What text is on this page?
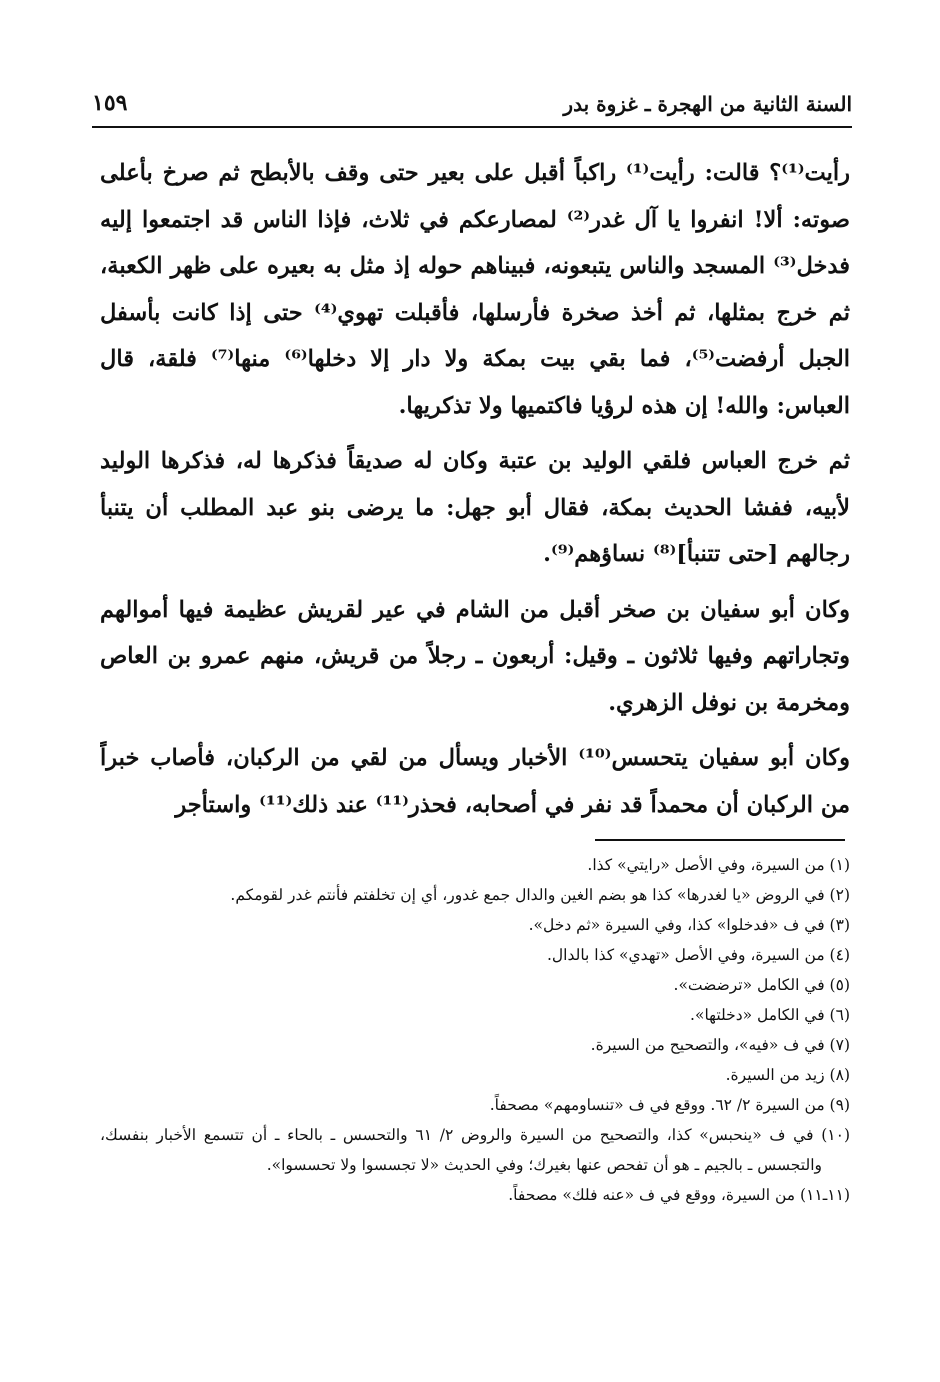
السنة الثانية من الهجرة ـ غزوة بدر
١٥٩

رأيت⁽¹⁾؟ قالت: رأيت⁽¹⁾ راكباً أقبل على بعير حتى وقف بالأبطح ثم صرخ بأعلى صوته: ألا! انفروا يا آل غدر⁽²⁾ لمصارعكم في ثلاث، فإذا الناس قد اجتمعوا إليه فدخل⁽³⁾ المسجد والناس يتبعونه، فبيناهم حوله إذ مثل به بعيره على ظهر الكعبة، ثم خرج بمثلها، ثم أخذ صخرة فأرسلها، فأقبلت تهوي⁽⁴⁾ حتى إذا كانت بأسفل الجبل أرفضت⁽⁵⁾، فما بقي بيت بمكة ولا دار إلا دخلها⁽⁶⁾ منها⁽⁷⁾ فلقة، قال العباس: والله! إن هذه لرؤيا فاكتميها ولا تذكريها.

ثم خرج العباس فلقي الوليد بن عتبة وكان له صديقاً فذكرها له، فذكرها الوليد لأبيه، ففشا الحديث بمكة، فقال أبو جهل: ما يرضى بنو عبد المطلب أن يتنبأ رجالهم [حتى تتنبأ]⁽⁸⁾ نساؤهم⁽⁹⁾.

وكان أبو سفيان بن صخر أقبل من الشام في عير لقريش عظيمة فيها أموالهم وتجاراتهم وفيها ثلاثون ـ وقيل: أربعون ـ رجلاً من قريش، منهم عمرو بن العاص ومخرمة بن نوفل الزهري.

وكان أبو سفيان يتحسس⁽¹⁰⁾ الأخبار ويسأل من لقي من الركبان، فأصاب خبراً من الركبان أن محمداً قد نفر في أصحابه، فحذر⁽¹¹⁾ عند ذلك⁽¹¹⁾ واستأجر

(١) من السيرة، وفي الأصل «رايتي» كذا.

(٢) في الروض «يا لغدرها» كذا هو بضم الغين والدال جمع غدور، أي إن تخلفتم فأنتم غدر لقومكم.

(٣) في ف «فدخلوا» كذا، وفي السيرة «ثم دخل».

(٤) من السيرة، وفي الأصل «تهدي» كذا بالدال.

(٥) في الكامل «ترضضت».

(٦) في الكامل «دخلتها».

(٧) في ف «فيه»، والتصحيح من السيرة.

(٨) زيد من السيرة.

(٩) من السيرة ٢/ ٦٢. ووقع في ف «تنساومهم» مصحفاً.

(١٠) في ف «ينحبس» كذا، والتصحيح من السيرة والروض ٢/ ٦١ والتحسس ـ بالحاء ـ أن تتسمع الأخبار بنفسك، والتجسس ـ بالجيم ـ هو أن تفحص عنها بغيرك؛ وفي الحديث «لا تجسسوا ولا تحسسوا».

(١١ـ١١) من السيرة، ووقع في ف «عنه فلك» مصحفاً.
